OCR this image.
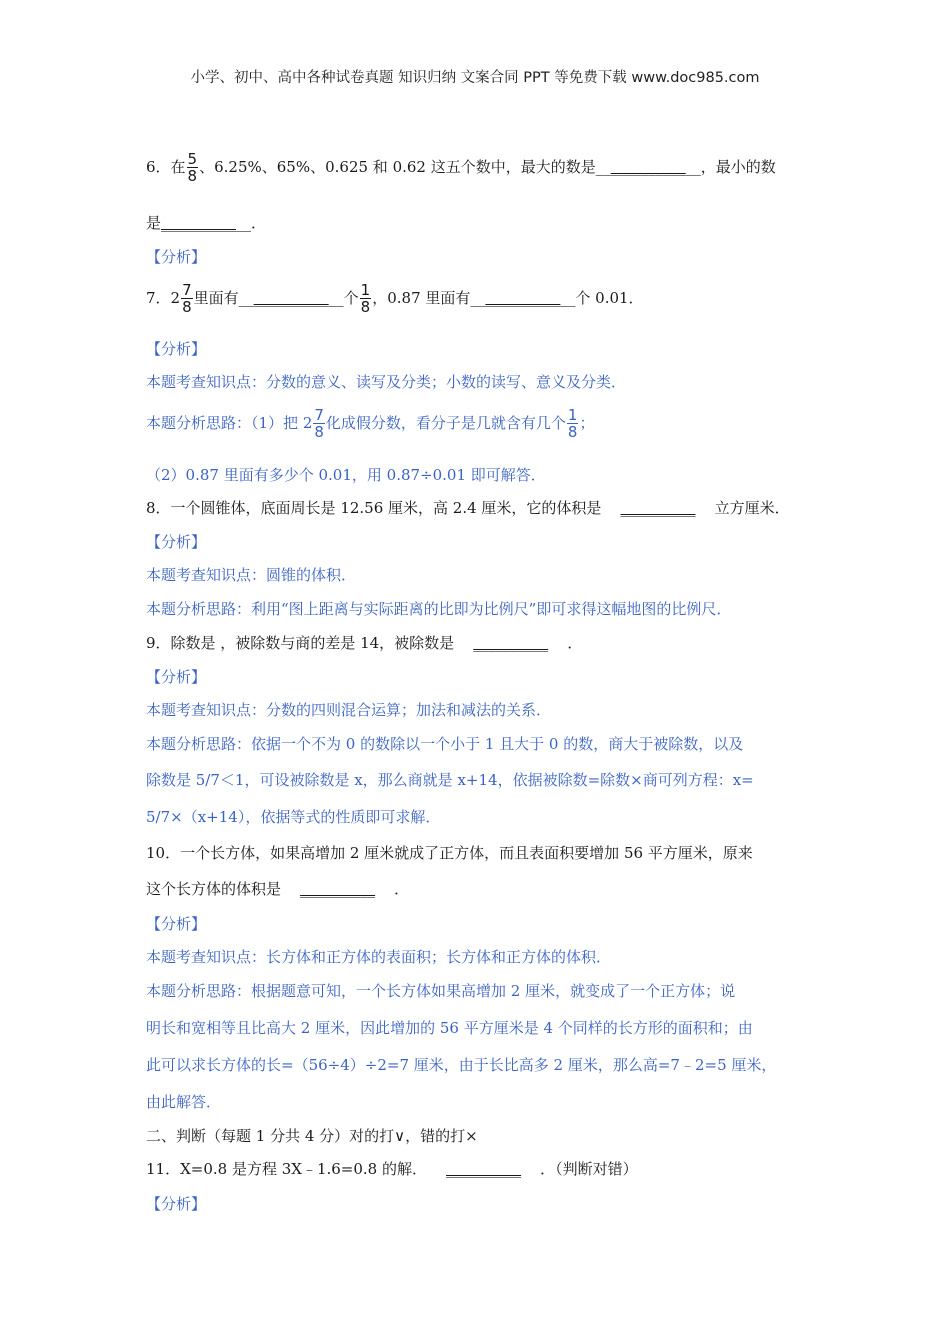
小学、初中、高中各种试卷真题 知识归纳 文案合同 PPT 等免费下载 www.doc985.com
6．在 $\frac{5}{8}$ 、6.25%、65%、0.625 和 0.62 这五个数中，最大的数是______________，最小的数
是____________．
【分析】
7．$2 \frac{7}{8}$ 里面有______________个 $\frac{1}{8}$ ，0.87 里面有______________个 0.01．
【分析】
本题考查知识点：分数的意义、读写及分类；小数的读写、意义及分类．
本题分析思路：（1）把 $2 \frac{7}{8}$ 化成假分数，看分子是几就含有几个 $\frac{1}{8}$ ；
（2）0.87 里面有多少个 0.01，用 0.87÷0.01 即可解答．
8．一个圆锥体，底面周长是 12.56 厘米，高 2.4 厘米，它的体积是 __________ 立方厘米．
【分析】
本题考查知识点：圆锥的体积．
本题分析思路：利用“图上距离与实际距离的比即为比例尺”即可求得这幅地图的比例尺．
9．除数是 ，被除数与商的差是 14，被除数是 __________ ．
【分析】
本题考查知识点：分数的四则混合运算；加法和减法的关系．
本题分析思路：依据一个不为 0 的数除以一个小于 1 且大于 0 的数，商大于被除数，以及
除数是 5/7＜1，可设被除数是 x，那么商就是 x+14，依据被除数=除数×商可列方程：x=
5/7×（x+14），依据等式的性质即可求解．
10．一个长方体，如果高增加 2 厘米就成了正方体，而且表面积要增加 56 平方厘米，原来
这个长方体的体积是 __________ ．
【分析】
本题考查知识点：长方体和正方体的表面积；长方体和正方体的体积．
本题分析思路：根据题意可知，一个长方体如果高增加 2 厘米，就变成了一个正方体；说
明长和宽相等且比高大 2 厘米，因此增加的 56 平方厘米是 4 个同样的长方形的面积和；由
此可以求长方体的长=（56÷4）÷2=7 厘米，由于长比高多 2 厘米，那么高=7﹣2=5 厘米，
由此解答．
二、判断（每题 1 分共 4 分）对的打∨，错的打×
11．X=0.8 是方程 3X﹣1.6=0.8 的解． __________ ．（判断对错）
【分析】
